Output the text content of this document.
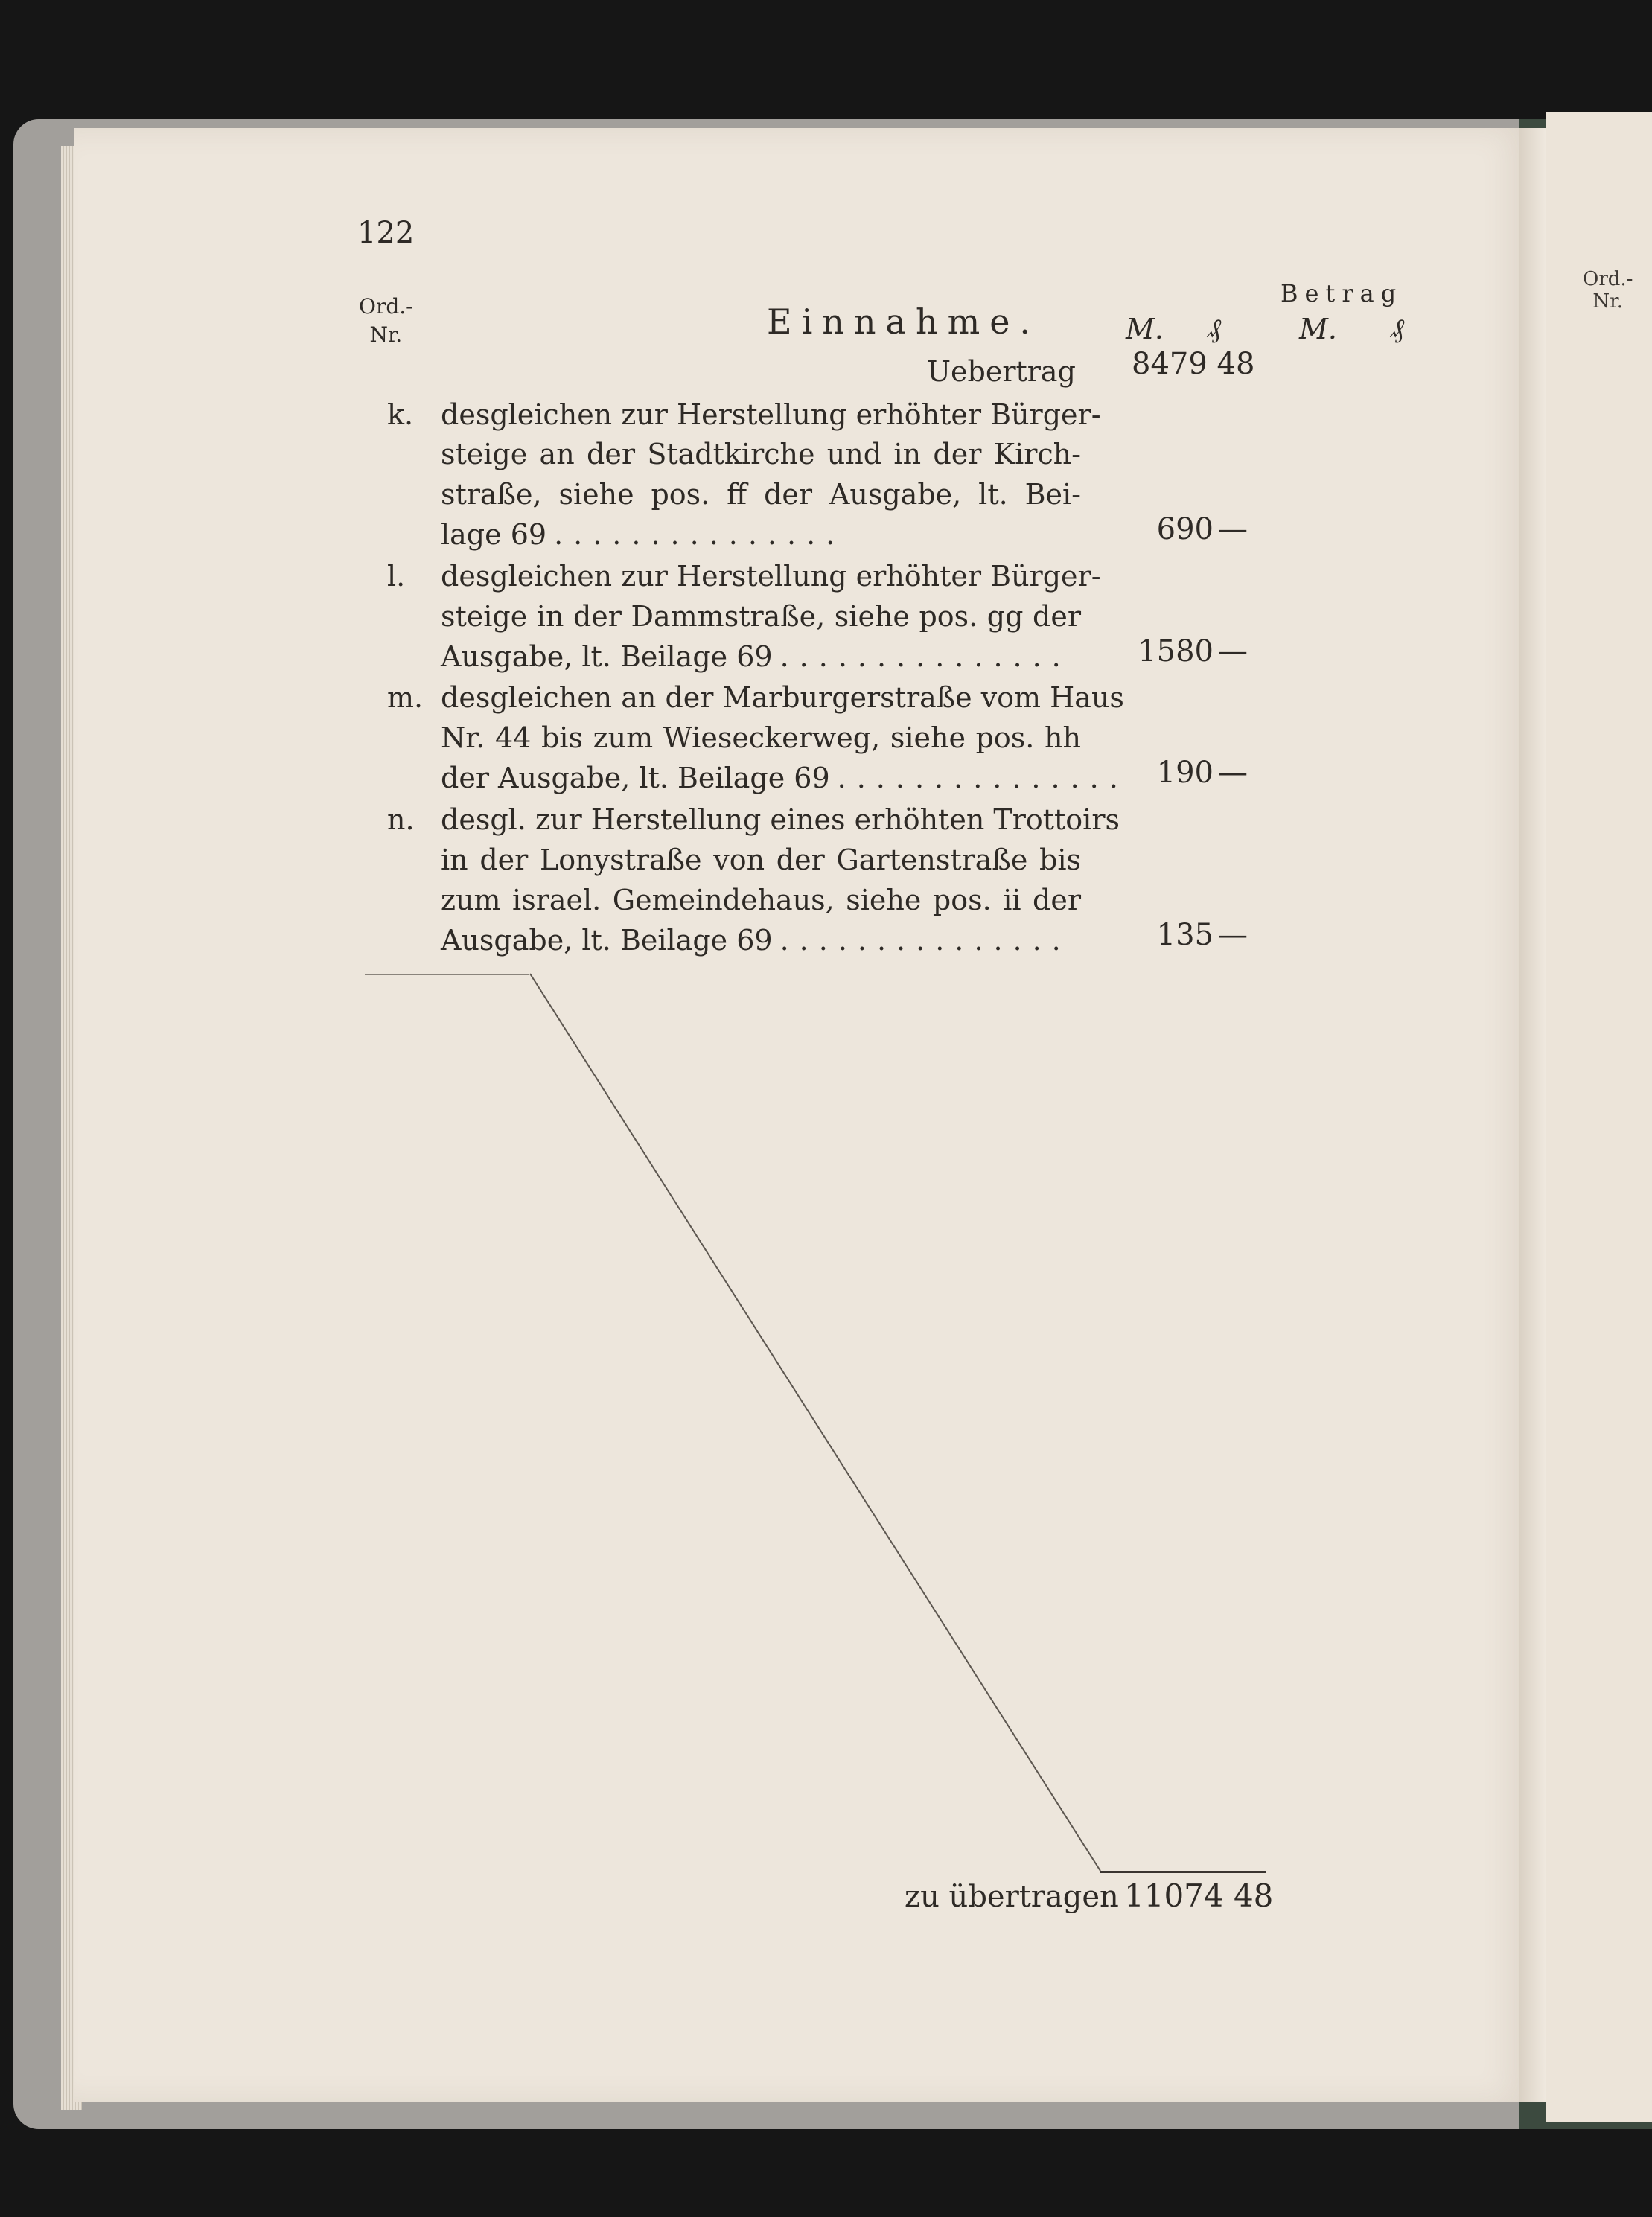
Ord.-
Nr.
122
Ord.-
Nr.	Einnahme.
Betrag
M. ₰	M. ₰
Uebertrag 8479 48
k. desgleichen zur Herstellung erhöhter Bürger-
steige an der Stadtkirche und in der Kirch-
straße, siehe pos. ff der Ausgabe, lt. Bei-
lage 69 ...............	690 —
l. desgleichen zur Herstellung erhöhter Bürger-
steige in der Dammstraße, siehe pos. gg der
Ausgabe, lt. Beilage 69 ...............	1580 —
m. desgleichen an der Marburgerstraße vom Haus
Nr. 44 bis zum Wieseckerweg, siehe pos. hh
der Ausgabe, lt. Beilage 69 ............... 190 —
n. desgl. zur Herstellung eines erhöhten Trottoirs
in der Lonystraße von der Gartenstraße bis
zum israel. Gemeindehaus, siehe pos. ii der
Ausgabe, lt. Beilage 69 ...............	135 —
zu übertragen 11074 48
